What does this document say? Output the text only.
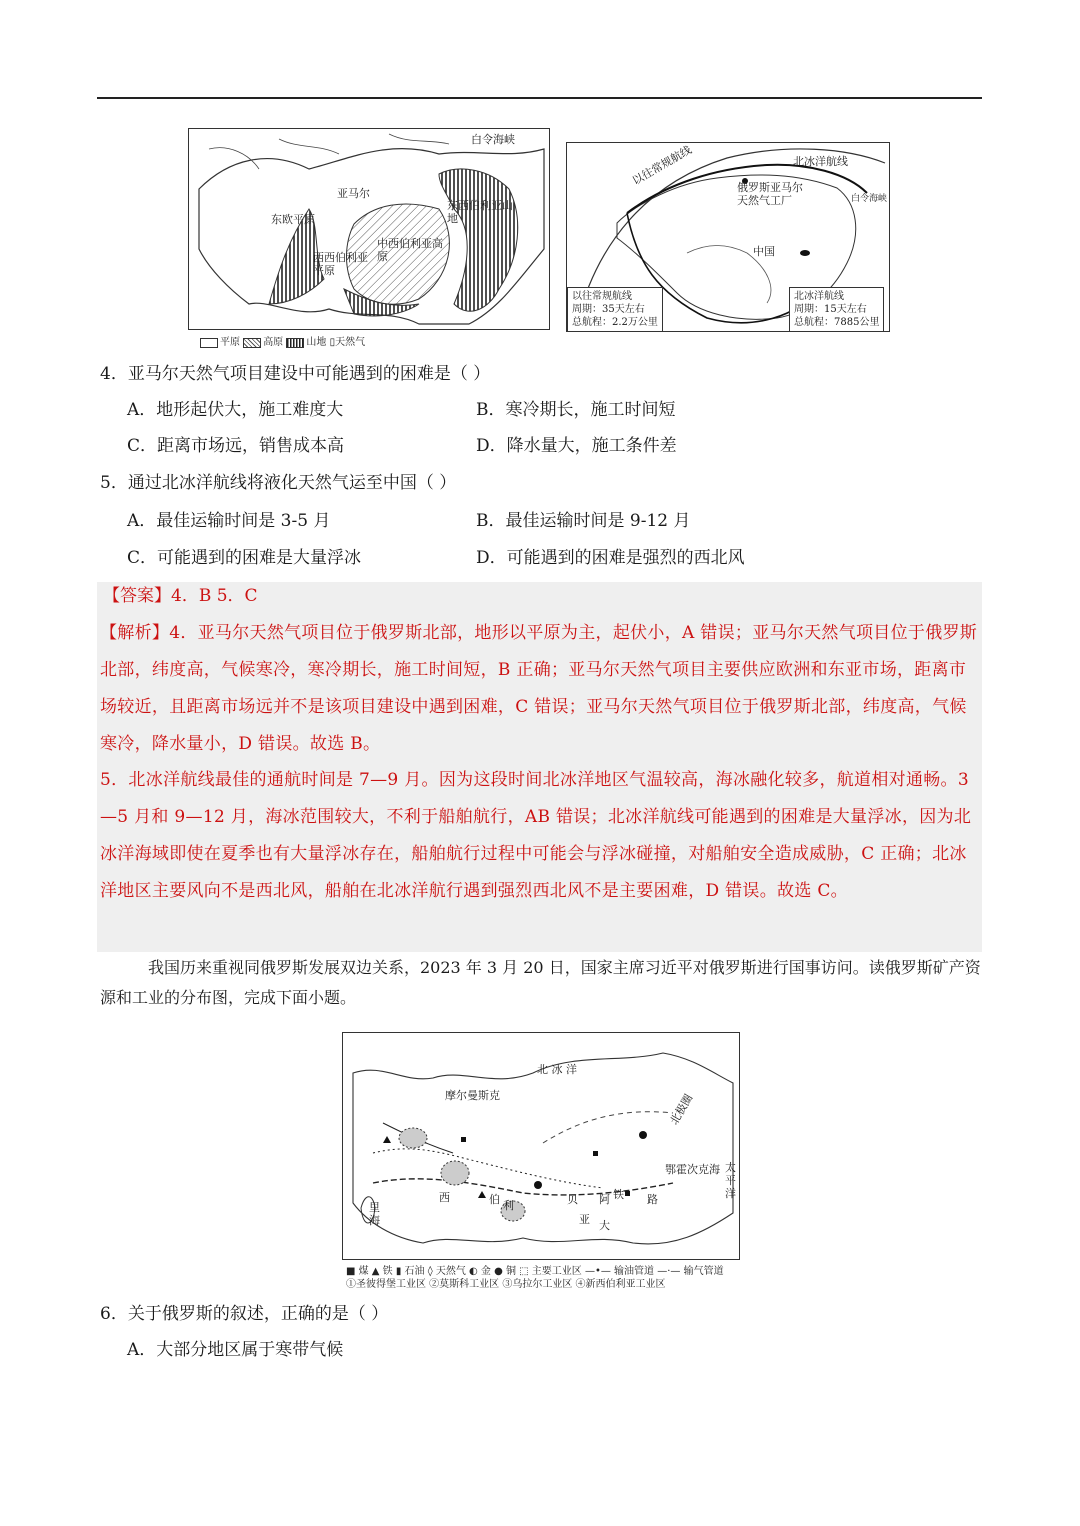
白令海峡
亚马尔
东欧平原
东西伯利亚山地
中西伯利亚高原
西西伯利亚平原
平原 高原 山地 ▯天然气
以往常规航线	北冰洋航线
俄罗斯亚马尔天然气工厂
中国
白令海峡
以往常规航线
周期：35天左右
总航程：2.2万公里
北冰洋航线
周期：15天左右
总航程：7885公里
4．亚马尔天然气项目建设中可能遇到的困难是（ ）
A．地形起伏大，施工难度大	B．寒冷期长，施工时间短
C．距离市场远，销售成本高	D．降水量大，施工条件差
5．通过北冰洋航线将液化天然气运至中国（ ）
A．最佳运输时间是 3-5 月	B．最佳运输时间是 9-12 月
C．可能遇到的困难是大量浮冰	D．可能遇到的困难是强烈的西北风
【答案】4．B 5．C
【解析】4．亚马尔天然气项目位于俄罗斯北部，地形以平原为主，起伏小，A 错误；亚马尔天然气项目位于俄罗斯北部，纬度高，气候寒冷，寒冷期长，施工时间短，B 正确；亚马尔天然气项目主要供应欧洲和东亚市场，距离市场较近，且距离市场远并不是该项目建设中遇到困难，C 错误；亚马尔天然气项目位于俄罗斯北部，纬度高，气候寒冷，降水量小，D 错误。故选 B。
5．北冰洋航线最佳的通航时间是 7—9 月。因为这段时间北冰洋地区气温较高，海冰融化较多，航道相对通畅。3—5 月和 9—12 月，海冰范围较大，不利于船舶航行，AB 错误；北冰洋航线可能遇到的困难是大量浮冰，因为北冰洋海域即使在夏季也有大量浮冰存在，船舶航行过程中可能会与浮冰碰撞，对船舶安全造成威胁，C 正确；北冰洋地区主要风向不是西北风，船舶在北冰洋航行遇到强烈西北风不是主要困难，D 错误。故选 C。
我国历来重视同俄罗斯发展双边关系，2023 年 3 月 20 日，国家主席习近平对俄罗斯进行国事访问。读俄罗斯矿产资源和工业的分布图，完成下面小题。
北 冰 洋
摩尔曼斯克	北极圈
鄂霍次克海 太平洋
里海
贝 阿 铁 路
大
西	伯 利
亚
■ 煤 ▲ 铁 ▮ 石油 ◊ 天然气 ◐ 金 ● 铜 ⬚ 主要工业区 —•— 输油管道 —·— 输气管道
①圣彼得堡工业区 ②莫斯科工业区 ③乌拉尔工业区 ④新西伯利亚工业区
6．关于俄罗斯的叙述，正确的是（ ）
A．大部分地区属于寒带气候
